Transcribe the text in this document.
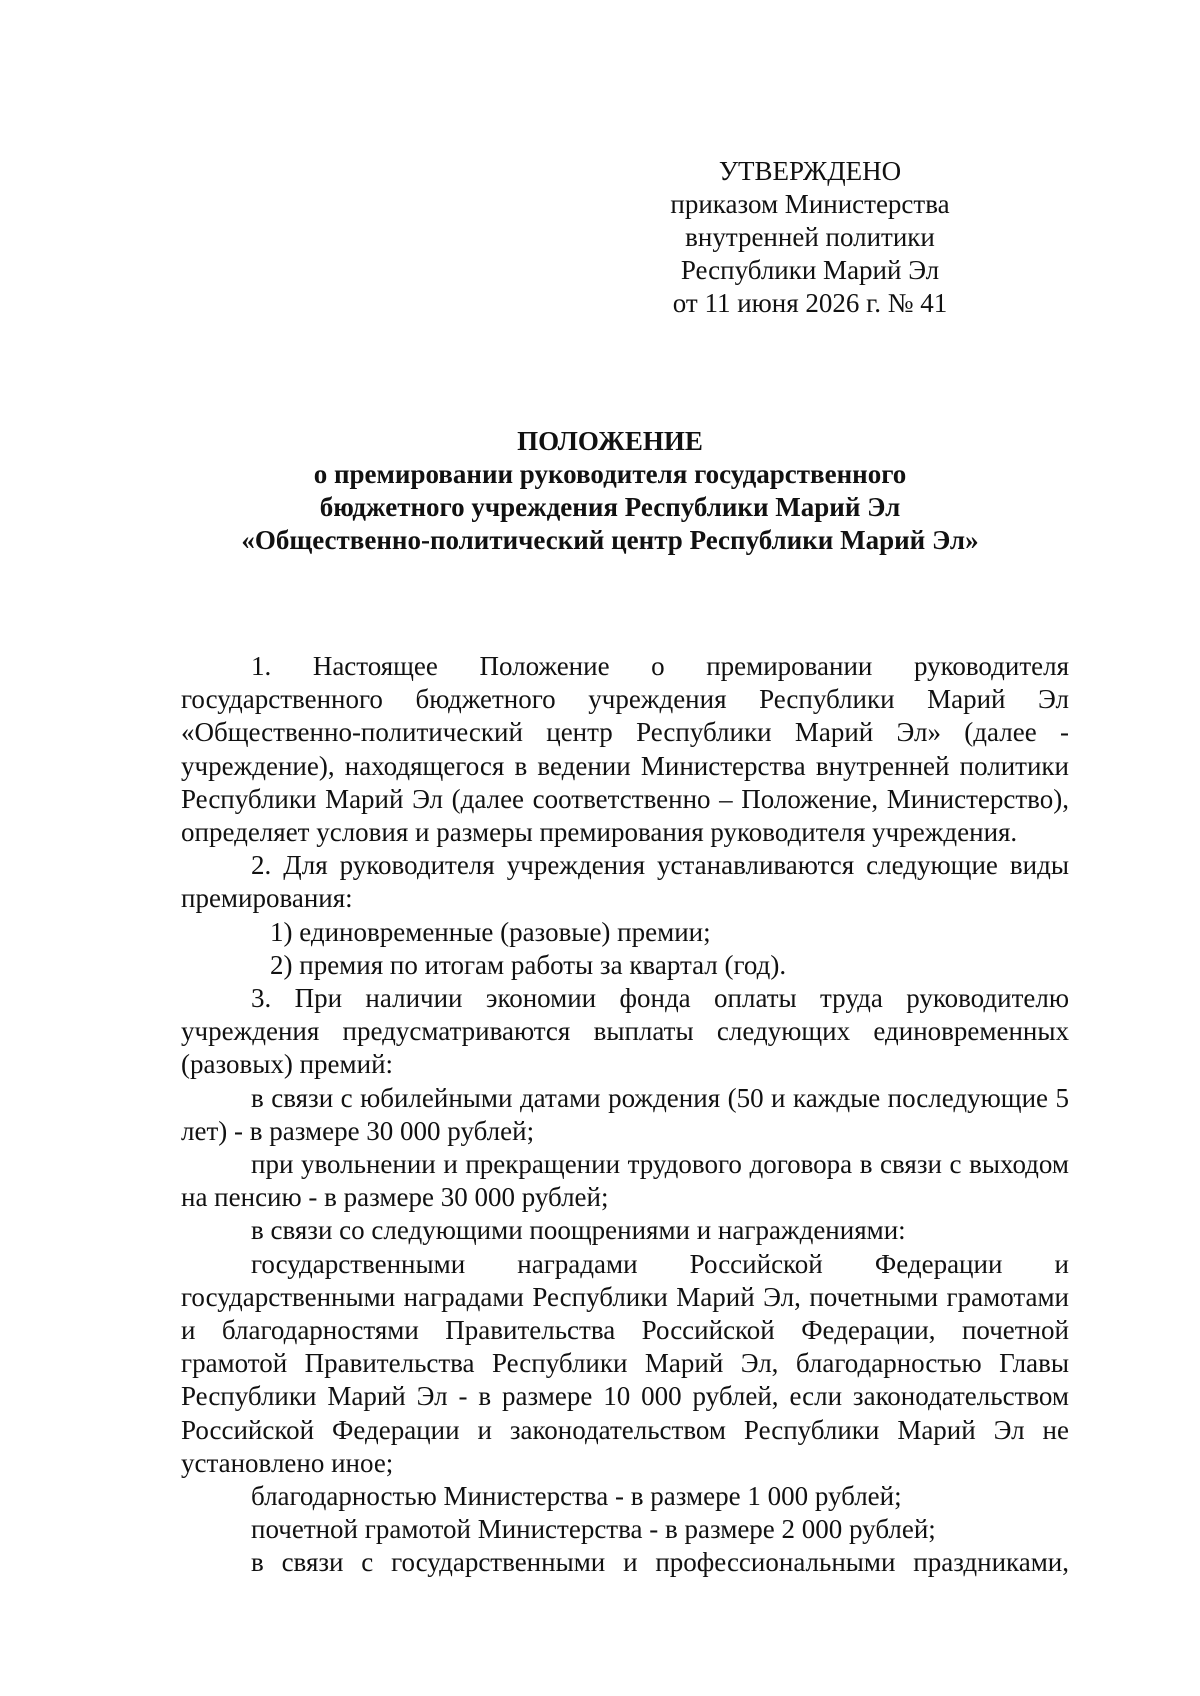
УТВЕРЖДЕНО
приказом Министерства
внутренней политики
Республики Марий Эл
от 11 июня 2026 г. № 41
ПОЛОЖЕНИЕ
о премировании руководителя государственного
бюджетного учреждения Республики Марий Эл
«Общественно-политический центр Республики Марий Эл»

1. Настоящее Положение о премировании руководителя государственного бюджетного учреждения Республики Марий Эл «Общественно-политический центр Республики Марий Эл» (далее - учреждение), находящегося в ведении Министерства внутренней политики Республики Марий Эл (далее соответственно – Положение, Министерство), определяет условия и размеры премирования руководителя учреждения.

2. Для руководителя учреждения устанавливаются следующие виды премирования:

1) единовременные (разовые) премии;

2) премия по итогам работы за квартал (год).

3. При наличии экономии фонда оплаты труда руководителю учреждения предусматриваются выплаты следующих единовременных (разовых) премий:

в связи с юбилейными датами рождения (50 и каждые последующие 5 лет) - в размере 30 000 рублей;

при увольнении и прекращении трудового договора в связи с выходом на пенсию - в размере 30 000 рублей;

в связи со следующими поощрениями и награждениями:

государственными наградами Российской Федерации и государственными наградами Республики Марий Эл, почетными грамотами и благодарностями Правительства Российской Федерации, почетной грамотой Правительства Республики Марий Эл, благодарностью Главы Республики Марий Эл - в размере 10 000 рублей, если законодательством Российской Федерации и законодательством Республики Марий Эл не установлено иное;

благодарностью Министерства - в размере 1 000 рублей;

почетной грамотой Министерства - в размере 2 000 рублей;

в связи с государственными и профессиональными праздниками,
